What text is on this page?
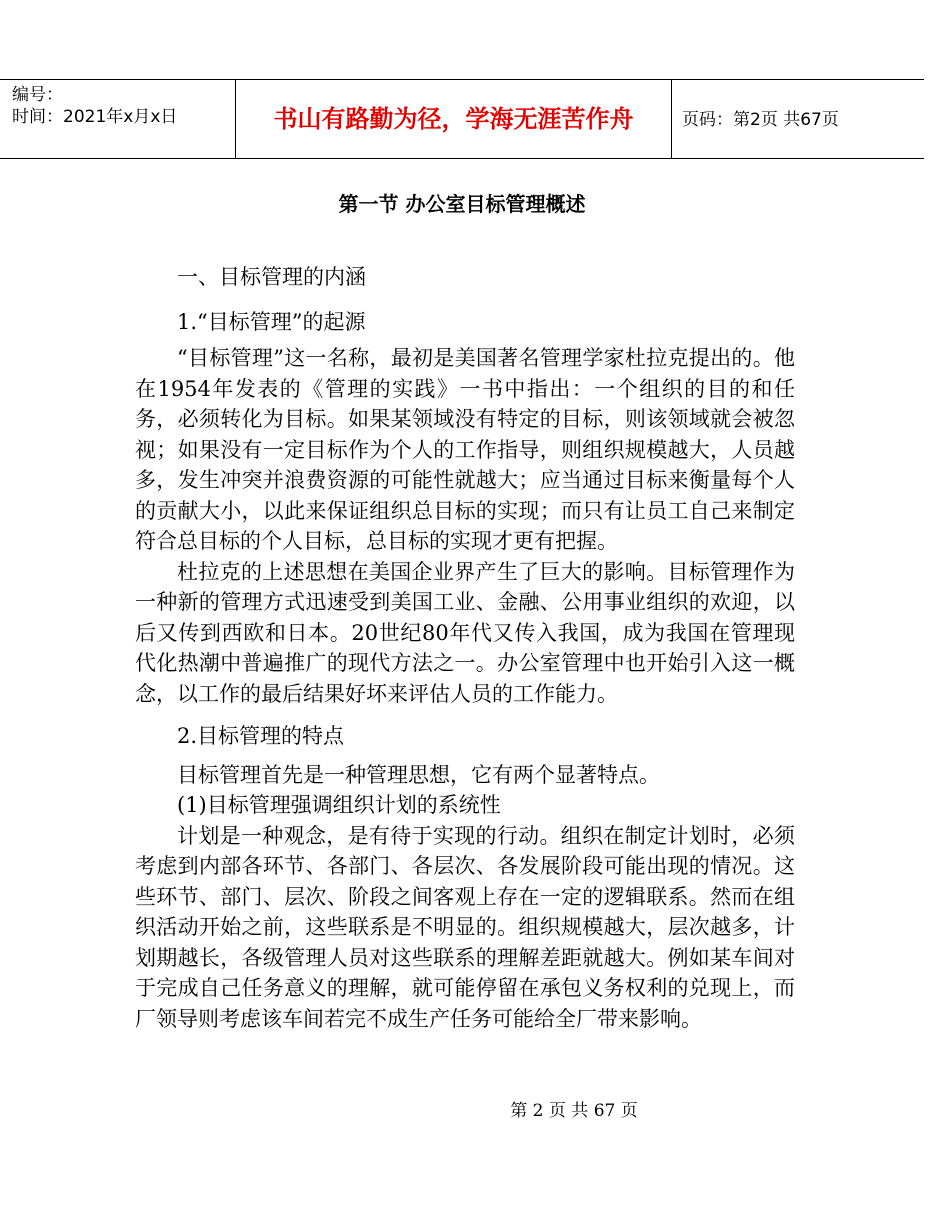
编号：
时间：2021年x月x日	书山有路勤为径，学海无涯苦作舟	页码：第2页 共67页
第一节 办公室目标管理概述

一、目标管理的内涵

1.“目标管理”的起源

“目标管理”这一名称，最初是美国著名管理学家杜拉克提出的。他在1954年发表的《管理的实践》一书中指出：一个组织的目的和任务，必须转化为目标。如果某领域没有特定的目标，则该领域就会被忽视；如果没有一定目标作为个人的工作指导，则组织规模越大，人员越多，发生冲突并浪费资源的可能性就越大；应当通过目标来衡量每个人的贡献大小，以此来保证组织总目标的实现；而只有让员工自己来制定符合总目标的个人目标，总目标的实现才更有把握。

杜拉克的上述思想在美国企业界产生了巨大的影响。目标管理作为一种新的管理方式迅速受到美国工业、金融、公用事业组织的欢迎，以后又传到西欧和日本。20世纪80年代又传入我国，成为我国在管理现代化热潮中普遍推广的现代方法之一。办公室管理中也开始引入这一概念，以工作的最后结果好坏来评估人员的工作能力。

2.目标管理的特点

目标管理首先是一种管理思想，它有两个显著特点。

(1)目标管理强调组织计划的系统性

计划是一种观念，是有待于实现的行动。组织在制定计划时，必须考虑到内部各环节、各部门、各层次、各发展阶段可能出现的情况。这些环节、部门、层次、阶段之间客观上存在一定的逻辑联系。然而在组织活动开始之前，这些联系是不明显的。组织规模越大，层次越多，计划期越长，各级管理人员对这些联系的理解差距就越大。例如某车间对于完成自己任务意义的理解，就可能停留在承包义务权利的兑现上，而厂领导则考虑该车间若完不成生产任务可能给全厂带来影响。

第 2 页 共 67 页
